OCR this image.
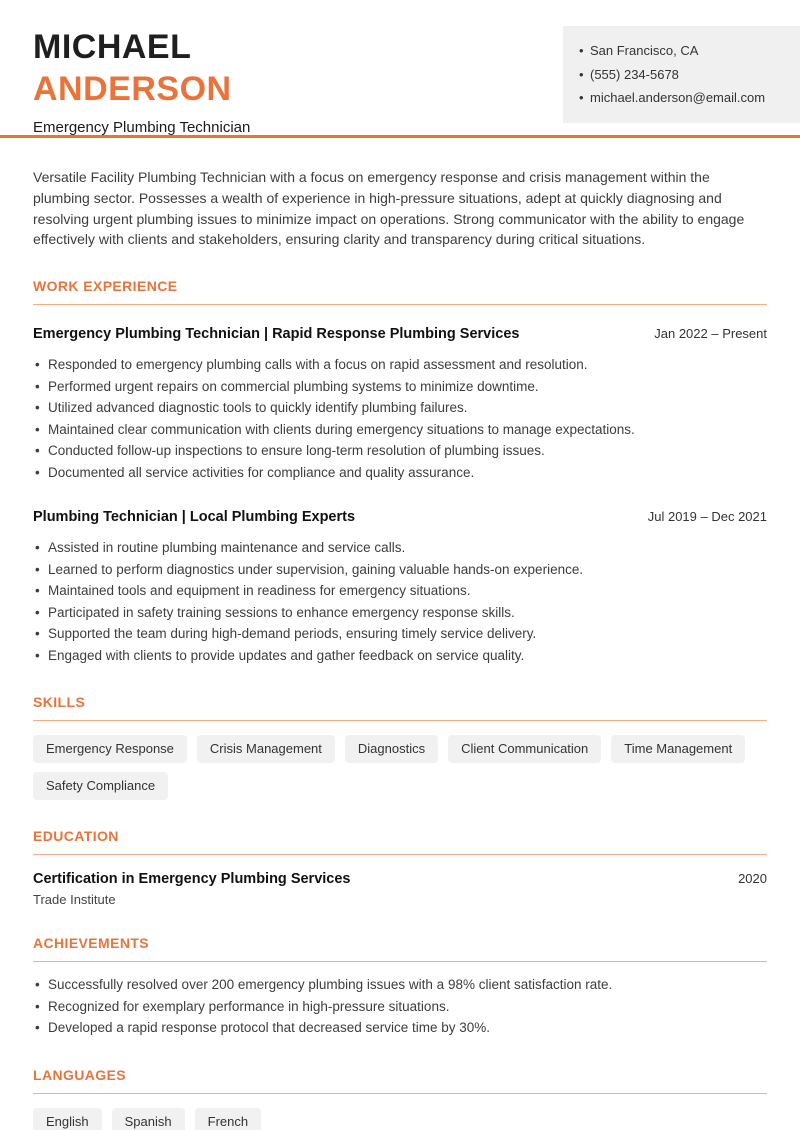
MICHAEL
ANDERSON
Emergency Plumbing Technician
• San Francisco, CA
• (555) 234-5678
• michael.anderson@email.com

Versatile Facility Plumbing Technician with a focus on emergency response and crisis management within the plumbing sector. Possesses a wealth of experience in high-pressure situations, adept at quickly diagnosing and resolving urgent plumbing issues to minimize impact on operations. Strong communicator with the ability to engage effectively with clients and stakeholders, ensuring clarity and transparency during critical situations.

WORK EXPERIENCE
Emergency Plumbing Technician | Rapid Response Plumbing Services	Jan 2022 – Present
• Responded to emergency plumbing calls with a focus on rapid assessment and resolution.
• Performed urgent repairs on commercial plumbing systems to minimize downtime.
• Utilized advanced diagnostic tools to quickly identify plumbing failures.
• Maintained clear communication with clients during emergency situations to manage expectations.
• Conducted follow-up inspections to ensure long-term resolution of plumbing issues.
• Documented all service activities for compliance and quality assurance.
Plumbing Technician | Local Plumbing Experts	Jul 2019 – Dec 2021
• Assisted in routine plumbing maintenance and service calls.
• Learned to perform diagnostics under supervision, gaining valuable hands-on experience.
• Maintained tools and equipment in readiness for emergency situations.
• Participated in safety training sessions to enhance emergency response skills.
• Supported the team during high-demand periods, ensuring timely service delivery.
• Engaged with clients to provide updates and gather feedback on service quality.
SKILLS
Emergency Response	Crisis Management	Diagnostics	Client Communication	Time Management
Safety Compliance
EDUCATION
Certification in Emergency Plumbing Services	2020
Trade Institute
ACHIEVEMENTS
• Successfully resolved over 200 emergency plumbing issues with a 98% client satisfaction rate.
• Recognized for exemplary performance in high-pressure situations.
• Developed a rapid response protocol that decreased service time by 30%.
LANGUAGES
English	Spanish	French
